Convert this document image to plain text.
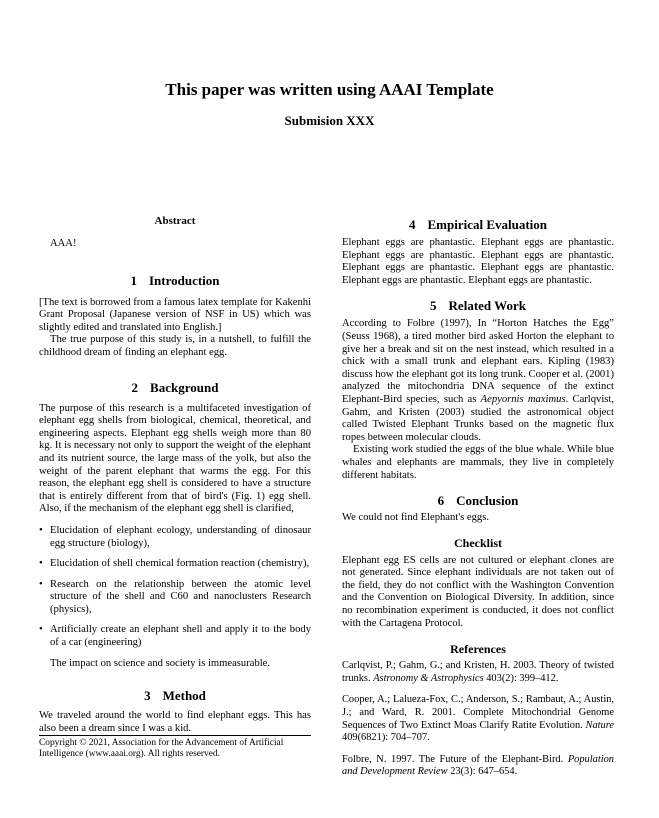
This paper was written using AAAI Template
Submision XXX
Abstract

AAA!

1 Introduction

[The text is borrowed from a famous latex template for Kakenhi Grant Proposal (Japanese version of NSF in US) which was slightly edited and translated into English.]

The true purpose of this study is, in a nutshell, to fulfill the childhood dream of finding an elephant egg.

2 Background

The purpose of this research is a multifaceted investigation of elephant egg shells from biological, chemical, theoretical, and engineering aspects. Elephant egg shells weigh more than 80 kg. It is necessary not only to support the weight of the elephant and its nutrient source, the large mass of the yolk, but also the weight of the parent elephant that warms the egg. For this reason, the elephant egg shell is considered to have a structure that is entirely different from that of bird's (Fig. 1) egg shell. Also, if the mechanism of the elephant egg shell is clarified,

• Elucidation of elephant ecology, understanding of dinosaur egg structure (biology),
• Elucidation of shell chemical formation reaction (chemistry),
• Research on the relationship between the atomic level structure of the shell and C60 and nanoclusters Research (physics),
• Artificially create an elephant shell and apply it to the body of a car (engineering)

The impact on science and society is immeasurable.

3 Method

We traveled around the world to find elephant eggs. This has also been a dream since I was a kid.

Copyright © 2021, Association for the Advancement of Artificial Intelligence (www.aaai.org). All rights reserved.
4 Empirical Evaluation

Elephant eggs are phantastic. Elephant eggs are phantastic. Elephant eggs are phantastic. Elephant eggs are phantastic. Elephant eggs are phantastic. Elephant eggs are phantastic. Elephant eggs are phantastic. Elephant eggs are phantastic.

5 Related Work

According to Folbre (1997), In “Horton Hatches the Egg” (Seuss 1968), a tired mother bird asked Horton the elephant to give her a break and sit on the nest instead, which resulted in a chick with a small trunk and elephant ears. Kipling (1983) discuss how the elephant got its long trunk. Cooper et al. (2001) analyzed the mitochondria DNA sequence of the extinct Elephant-Bird species, such as Aepyornis maximus. Carlqvist, Gahm, and Kristen (2003) studied the astronomical object called Twisted Elephant Trunks based on the magnetic flux ropes between molecular clouds.

Existing work studied the eggs of the blue whale. While blue whales and elephants are mammals, they live in completely different habitats.

6 Conclusion

We could not find Elephant's eggs.

Checklist

Elephant egg ES cells are not cultured or elephant clones are not generated. Since elephant individuals are not taken out of the field, they do not conflict with the Washington Convention and the Convention on Biological Diversity. In addition, since no recombination experiment is conducted, it does not conflict with the Cartagena Protocol.

References
Carlqvist, P.; Gahm, G.; and Kristen, H. 2003. Theory of twisted trunks. Astronomy & Astrophysics 403(2): 399–412.
Cooper, A.; Lalueza-Fox, C.; Anderson, S.; Rambaut, A.; Austin, J.; and Ward, R. 2001. Complete Mitochondrial Genome Sequences of Two Extinct Moas Clarify Ratite Evolution. Nature 409(6821): 704–707.
Folbre, N. 1997. The Future of the Elephant-Bird. Population and Development Review 23(3): 647–654.
